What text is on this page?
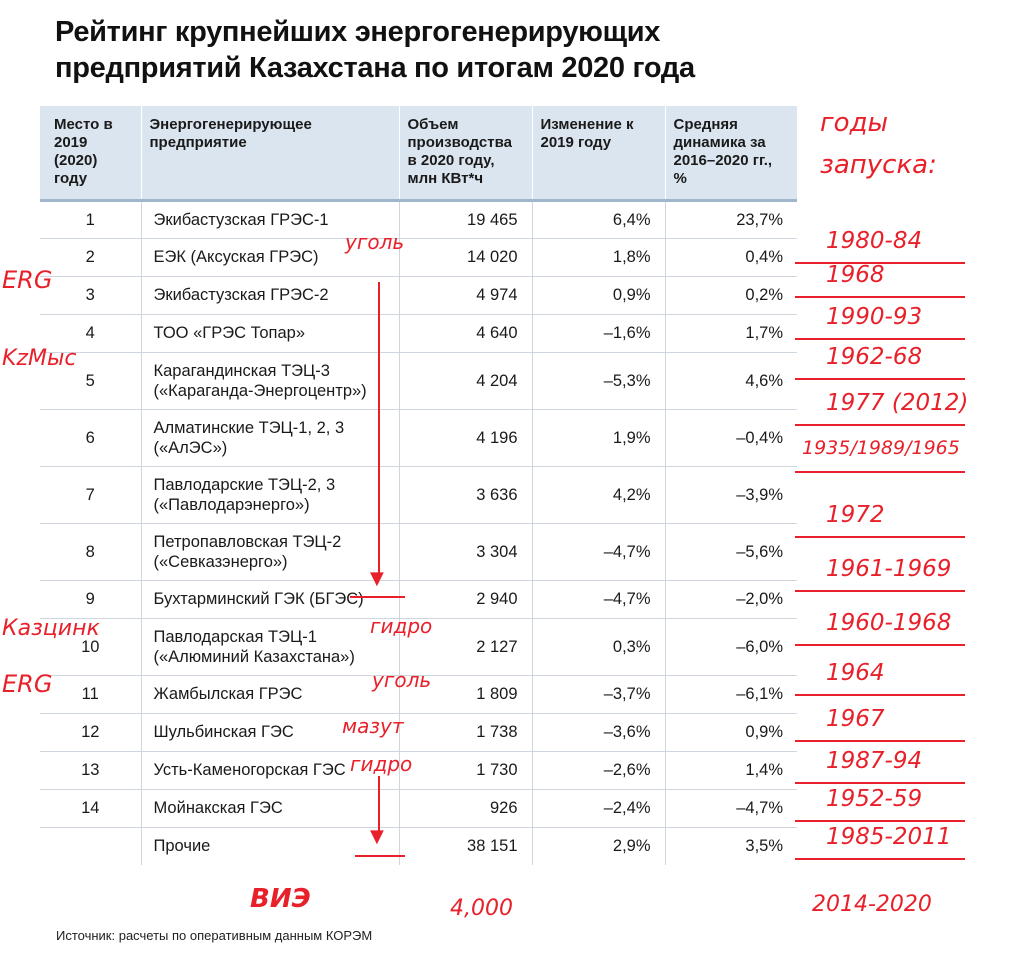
Рейтинг крупнейших энергогенерирующих
предприятий Казахстана по итогам 2020 года
Место в 2019 (2020) году	Энергогенерирующее предприятие	Объем производства в 2020 году, млн КВт*ч	Изменение к 2019 году	Средняя динамика за 2016–2020 гг., %
1	Экибастузская ГРЭС-1	19 465	6,4%	23,7%
2	ЕЭК (Аксуская ГРЭС)	14 020	1,8%	0,4%
3	Экибастузская ГРЭС-2	4 974	0,9%	0,2%
4	ТОО «ГРЭС Топар»	4 640	–1,6%	1,7%
5	Карагандинская ТЭЦ-3
(«Караганда-Энергоцентр»)	4 204	–5,3%	4,6%
6	Алматинские ТЭЦ-1, 2, 3
(«АлЭС»)	4 196	1,9%	–0,4%
7	Павлодарские ТЭЦ-2, 3
(«Павлодарэнерго»)	3 636	4,2%	–3,9%
8	Петропавловская ТЭЦ-2
(«Севказэнерго»)	3 304	–4,7%	–5,6%
9	Бухтарминский ГЭК (БГЭС)	2 940	–4,7%	–2,0%
10	Павлодарская ТЭЦ-1
(«Алюминий Казахстана»)	2 127	0,3%	–6,0%
11	Жамбылская ГРЭС	1 809	–3,7%	–6,1%
12	Шульбинская ГЭС	1 738	–3,6%	0,9%
13	Усть-Каменогорская ГЭС	1 730	–2,6%	1,4%
14	Мойнакская ГЭС	926	–2,4%	–4,7%

	Прочие	38 151	2,9%	3,5%
Источник: расчеты по оперативным данным КОРЭМ
годы
запуска:
1980-84
1968
1990-93
1962-68
1977 (2012)
1935/1989/1965
1972
1961-1969
1960-1968
1964
1967
1987-94
1952-59
1985-2011
2014-2020
ERG
KzMыс
Казцинк
ERG
уголь
гидро
уголь
мазут
гидро
ВИЭ	4,000
▼
▼
